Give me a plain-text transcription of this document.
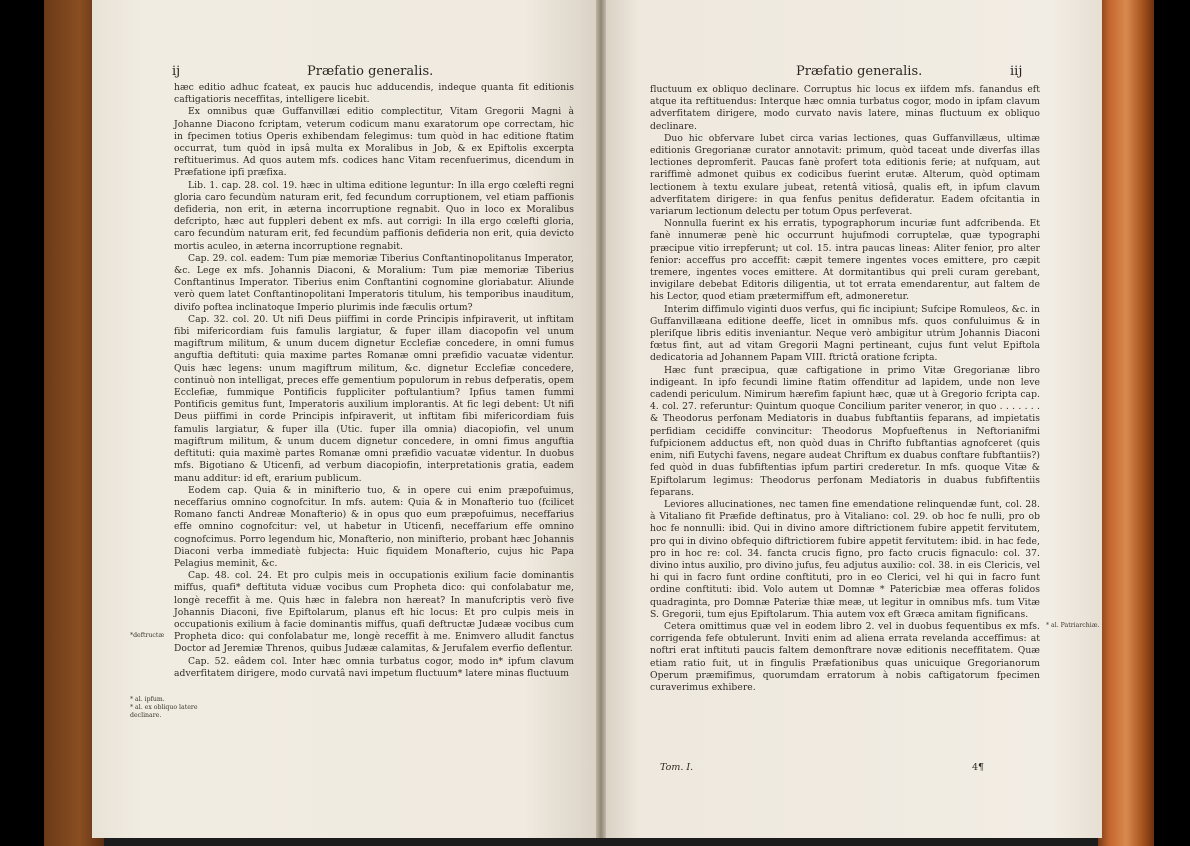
ij	Præfatio generalis.

hæc editio adhuc fcateat, ex paucis huc adducendis, indeque quanta fit editionis caftigatioris neceffitas, intelligere licebit.

Ex omnibus quæ Guffanvillæi editio complectitur, Vitam Gregorii Magni à Johanne Diacono fcriptam, veterum codicum manu exaratorum ope correctam, hic in fpecimen totius Operis exhibendam felegimus: tum quòd in hac editione ftatim occurrat, tum quòd in ipsâ multa ex Moralibus in Job, & ex Epiftolis excerpta reftituerimus. Ad quos autem mfs. codices hanc Vitam recenfuerimus, dicendum in Præfatione ipfi præfixa.

Lib. 1. cap. 28. col. 19. hæc in ultima editione leguntur: In illa ergo cœlefti regni gloria caro fecundùm naturam erit, fed fecundum corruptionem, vel etiam paffionis defideria, non erit, in æterna incorruptione regnabit. Quo in loco ex Moralibus defcripto, hæc aut fuppleri debent ex mfs. aut corrigi: In illa ergo cœlefti gloria, caro fecundùm naturam erit, fed fecundùm paffionis defideria non erit, quia devicto mortis aculeo, in æterna incorruptione regnabit.

Cap. 29. col. eadem: Tum piæ memoriæ Tiberius Conftantinopolitanus Imperator, &c. Lege ex mfs. Johannis Diaconi, & Moralium: Tum piæ memoriæ Tiberius Conftantinus Imperator. Tiberius enim Conftantini cognomine gloriabatur. Aliunde verò quem latet Conftantinopolitani Imperatoris titulum, his temporibus inauditum, divifo poftea inclinatoque Imperio plurimis inde fæculis ortum?

Cap. 32. col. 20. Ut nifi Deus piiffimi in corde Principis infpiraverit, ut inftitam fibi mifericordiam fuis famulis largiatur, & fuper illam diacopofin vel unum magiftrum militum, & unum ducem dignetur Ecclefiæ concedere, in omni fumus anguftia deftituti: quia maxime partes Romanæ omni præfidio vacuatæ videntur. Quis hæc legens: unum magiftrum militum, &c. dignetur Ecclefiæ concedere, continuò non intelligat, preces effe gementium populorum in rebus defperatis, opem Ecclefiæ, fummique Pontificis fuppliciter poftulantium? Ipfius tamen fummi Pontificis gemitus funt, Imperatoris auxilium implorantis. At fic legi debent: Ut nifi Deus piiffimi in corde Principis infpiraverit, ut inftitam fibi mifericordiam fuis famulis largiatur, & fuper illa (Utic. fuper illa omnia) diacopiofin, vel unum magiftrum militum, & unum ducem dignetur concedere, in omni fimus anguftia deftituti: quia maximè partes Romanæ omni præfidio vacuatæ videntur. In duobus mfs. Bigotiano & Uticenfi, ad verbum diacopiofin, interpretationis gratia, eadem manu additur: id eft, erarium publicum.

Eodem cap. Quia & in minifterio tuo, & in opere cui enim præpofuimus, neceffarius omnino cognofcitur. In mfs. autem: Quia & in Monafterio tuo (fcilicet Romano fancti Andreæ Monafterio) & in opus quo eum præpofuimus, neceffarius effe omnino cognofcitur: vel, ut habetur in Uticenfi, neceffarium effe omnino cognofcimus. Porro legendum hic, Monafterio, non minifterio, probant hæc Johannis Diaconi verba immediatè fubjecta: Huic fiquidem Monafterio, cujus hic Papa Pelagius meminit, &c.

Cap. 48. col. 24. Et pro culpis meis in occupationis exilium facie dominantis miffus, quafi* deftituta viduæ vocibus cum Propheta dico: qui confolabatur me, longè receffit à me. Quis hæc in falebra non hæreat? In manufcriptis verò five Johannis Diaconi, five Epiftolarum, planus eft hic locus: Et pro culpis meis in occupationis exilium à facie dominantis miffus, quafi deftructæ Judææ vocibus cum Propheta dico: qui confolabatur me, longè receffit à me. Enimvero alludit fanctus Doctor ad Jeremiæ Threnos, quibus Judææ calamitas, & Jerufalem everfio deflentur.

Cap. 52. eâdem col. Inter hæc omnia turbatus cogor, modo in* ipfum clavum adverfitatem dirigere, modo curvatâ navi impetum fluctuum* latere minas fluctuum

*deftructæ
* al. ipfum.
* al. ex obliquo latere
declinare.
Præfatio generalis.	iij

fluctuum ex obliquo declinare. Corruptus hic locus ex iifdem mfs. fanandus eft atque ita reftituendus: Interque hæc omnia turbatus cogor, modo in ipfam clavum adverfitatem dirigere, modo curvato navis latere, minas fluctuum ex obliquo declinare.

Duo hic obfervare lubet circa varias lectiones, quas Guffanvillæus, ultimæ editionis Gregorianæ curator annotavit: primum, quòd taceat unde diverfas illas lectiones depromferit. Paucas fanè profert tota editionis ferie; at nufquam, aut rariffimè admonet quibus ex codicibus fuerint erutæ. Alterum, quòd optimam lectionem à textu exulare jubeat, retentâ vitiosâ, qualis eft, in ipfum clavum adverfitatem dirigere: in qua fenfus penitus defideratur. Eadem ofcitantia in variarum lectionum delectu per totum Opus perfeverat.

Nonnulla fuerint ex his erratis, typographorum incuriæ funt adfcribenda. Et fanè innumeræ penè hic occurrunt hujufmodi corruptelæ, quæ typographi præcipue vitio irrepferunt; ut col. 15. intra paucas lineas: Aliter fenior, pro alter fenior: acceffus pro acceffit: cæpit temere ingentes voces emittere, pro cæpit tremere, ingentes voces emittere. At dormitantibus qui preli curam gerebant, invigilare debebat Editoris diligentia, ut tot errata emendarentur, aut faltem de his Lector, quod etiam prætermiffum eft, admoneretur.

Interim diffimulo viginti duos verfus, qui fic incipiunt; Sufcipe Romuleos, &c. in Guffanvillæana editione deeffe, licet in omnibus mfs. quos confuluimus & in pleriſque libris editis inveniantur. Neque verò ambigitur utrùm Johannis Diaconi fœtus fint, aut ad vitam Gregorii Magni pertineant, cujus funt velut Epiftola dedicatoria ad Johannem Papam VIII. ftrictâ oratione fcripta.

Hæc funt præcipua, quæ caftigatione in primo Vitæ Gregorianæ libro indigeant. In ipfo fecundi limine ftatim offenditur ad lapidem, unde non leve cadendi periculum. Nimirum hærefim fapiunt hæc, quæ ut à Gregorio fcripta cap. 4. col. 27. referuntur: Quintum quoque Concilium pariter veneror, in quo . . . . . . . & Theodorus perfonam Mediatoris in duabus fubftantiis feparans, ad impietatis perfidiam cecidiffe convincitur: Theodorus Mopfueftenus in Neftorianifmi fufpicionem adductus eft, non quòd duas in Chrifto fubftantias agnofceret (quis enim, nifi Eutychi favens, negare audeat Chriftum ex duabus conftare fubftantiis?) fed quòd in duas fubfiftentias ipfum partiri crederetur. In mfs. quoque Vitæ & Epiftolarum legimus: Theodorus perfonam Mediatoris in duabus fubfiftentiis feparans.

Leviores allucinationes, nec tamen fine emendatione relinquendæ funt, col. 28. à Vitaliano fit Præfide deftinatus, pro à Vitaliano: col. 29. ob hoc fe nulli, pro ob hoc fe nonnulli: ibid. Qui in divino amore diftrictionem fubire appetit fervitutem, pro qui in divino obfequio diftrictiorem fubire appetit fervitutem: ibid. in hac fede, pro in hoc re: col. 34. fancta crucis figno, pro facto crucis fignaculo: col. 37. divino intus auxilio, pro divino jufus, feu adjutus auxilio: col. 38. in eis Clericis, vel hi qui in facro funt ordine conftituti, pro in eo Clerici, vel hi qui in facro funt ordine conftituti: ibid. Volo autem ut Domnæ * Patericbiæ mea offeras folidos quadraginta, pro Domnæ Pateriæ thiæ meæ, ut legitur in omnibus mfs. tum Vitæ S. Gregorii, tum ejus Epiftolarum. Thia autem vox eft Græca amitam fignificans.

Cetera omittimus quæ vel in eodem libro 2. vel in duobus fequentibus ex mfs. corrigenda fefe obtulerunt. Inviti enim ad aliena errata revelanda acceffimus: at noftri erat inftituti paucis faltem demonftrare novæ editionis neceffitatem. Quæ etiam ratio fuit, ut in fingulis Præfationibus quas unicuique Gregorianorum Operum præmifimus, quorumdam erratorum à nobis caftigatorum fpecimen curaverimus exhibere.

* al. Patriarchiæ.
Tom. I.	4¶
